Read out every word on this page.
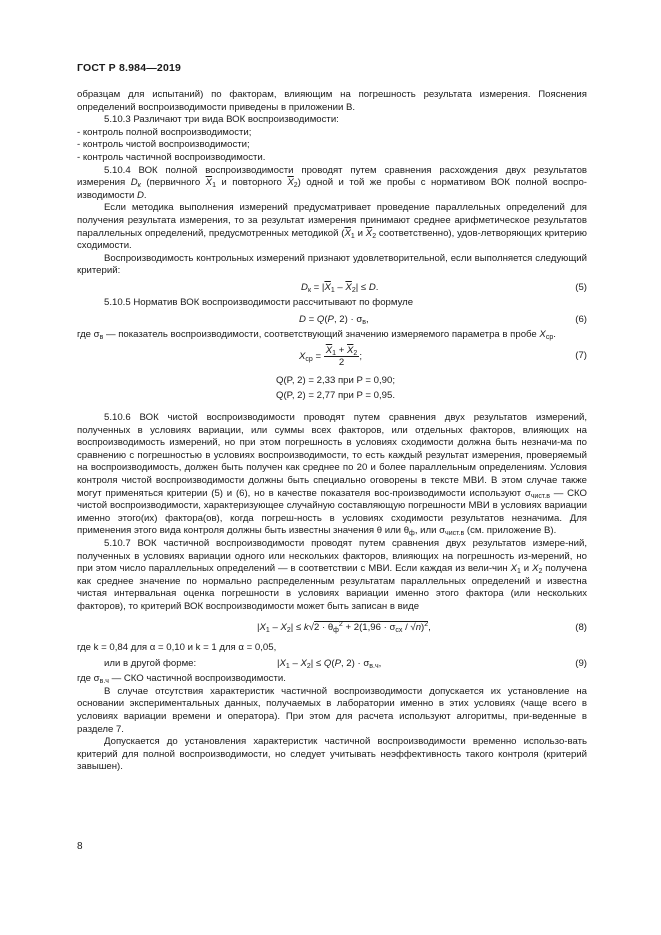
ГОСТ Р 8.984—2019

образцам для испытаний) по факторам, влияющим на погрешность результата измерения. Пояснения определений воспроизводимости приведены в приложении В.

5.10.3 Различают три вида ВОК воспроизводимости:

- контроль полной воспроизводимости;

- контроль чистой воспроизводимости;

- контроль частичной воспроизводимости.

5.10.4 ВОК полной воспроизводимости проводят путем сравнения расхождения двух результатов измерения $D_к$ (первичного $\overline{X}_1$ и повторного $\overline{X}_2$) одной и той же пробы с нормативом ВОК полной воспро-изводимости D.

Если методика выполнения измерений предусматривает проведение параллельных определений для получения результата измерения, то за результат измерения принимают среднее арифметическое результатов параллельных определений, предусмотренных методикой ($\overline{X}_1$ и $\overline{X}_2$ соответственно), удов-летворяющих критерию сходимости.

Воспроизводимость контрольных измерений признают удовлетворительной, если выполняется следующий критерий:

$D_к = |\overline{X}_1 - \overline{X}_2| \le D$.	(5)

5.10.5 Норматив ВОК воспроизводимости рассчитывают по формуле

D = Q(P, $2) \cdot \sigma_в$,	(6)

где $\sigma_в$ — показатель воспроизводимости, соответствующий значению измеряемого параметра в пробе $Х_{ср}$.

$Х_{ср} = \frac{\overline{X}_1 + \overline{X}_2}{2}$ ;	(7)
Q(P, 2) = 2,33 при P = 0,90;
Q(P, 2) = 2,77 при P = 0,95.

5.10.6 ВОК чистой воспроизводимости проводят путем сравнения двух результатов измерений, полученных в условиях вариации, или суммы всех факторов, или отдельных факторов, влияющих на воспроизводимость измерений, но при этом погрешность в условиях сходимости должна быть незначи-ма по сравнению с погрешностью в условиях воспроизводимости, то есть каждый результат измерения, проверяемый на воспроизводимость, должен быть получен как среднее по 20 и более параллельным определениям. Условия контроля чистой воспроизводимости должны быть специально оговорены в тексте МВИ. В этом случае также могут применяться критерии (5) и (6), но в качестве показателя вос-производимости используют $\sigma_{чист.в}$ — СКО чистой воспроизводимости, характеризующее случайную составляющую погрешности МВИ в условиях вариации именно этого(их) фактора(ов), когда погреш-ность в условиях сходимости результатов незначима. Для применения этого вида контроля должны быть известны значения θ или $\theta_ф$, или $\sigma_{чист.в}$ (см. приложение В).

5.10.7 ВОК частичной воспроизводимости проводят путем сравнения двух результатов измере-ний, полученных в условиях вариации одного или нескольких факторов, влияющих на погрешность из-мерений, но при этом число параллельных определений — в соответствии с МВИ. Если каждая из вели-чин $X_1$ и $X_2$ получена как среднее значение по нормально распределенным результатам параллельных определений и известна чистая интервальная оценка погрешности в условиях вариации именно этого фактора (или нескольких факторов), то критерий ВОК воспроизводимости может быть записан в виде

$|X_1 - X_2| \le k√2 \cdot \theta_ф^2 + 2(1,96 \cdot \sigma_{сх} / √n)^2$,	(8)

где k = 0,84 для α = 0,10 и k = 1 для α = 0,05,

или в другой форме:	$|X_1 - X_2| \le Q(P$, $2) \cdot \sigma_{в.ч}$,	(9)

где $\sigma_{в.ч}$ — СКО частичной воспроизводимости.

В случае отсутствия характеристик частичной воспроизводимости допускается их установление на основании экспериментальных данных, получаемых в лаборатории именно в этих условиях (чаще всего в условиях вариации времени и оператора). При этом для расчета используют алгоритмы, при-веденные в разделе 7.

Допускается до установления характеристик частичной воспроизводимости временно использо-вать критерий для полной воспроизводимости, но следует учитывать неэффективность такого контроля (критерий завышен).

8
